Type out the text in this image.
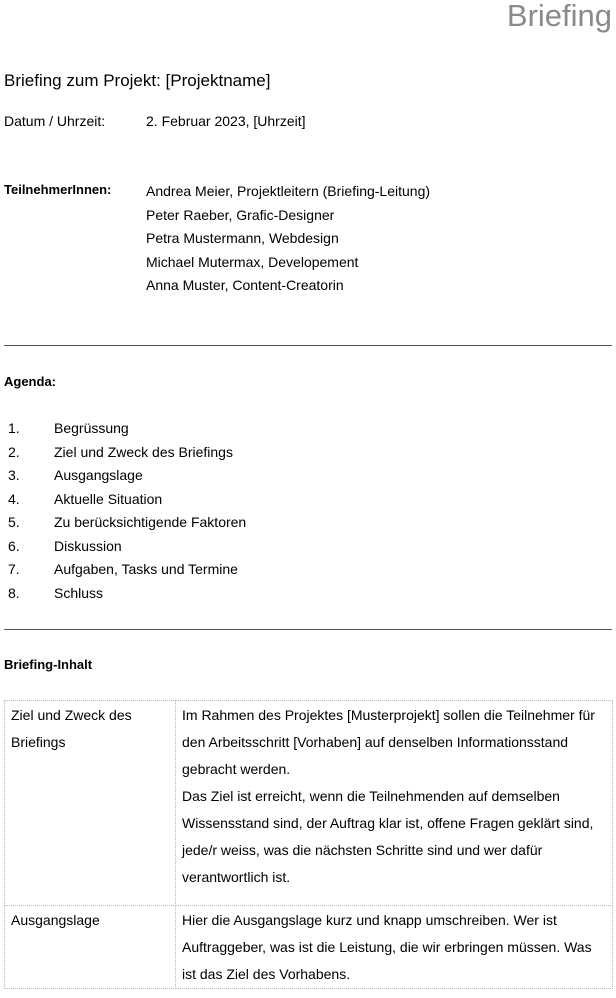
Briefing
Briefing zum Projekt: [Projektname]
Datum / Uhrzeit:	2. Februar 2023, [Uhrzeit]
TeilnehmerInnen: Andrea Meier, Projektleitern (Briefing-Leitung)
Peter Raeber, Grafic-Designer
Petra Mustermann, Webdesign
Michael Mutermax, Developement
Anna Muster, Content-Creatorin
Agenda:
1. Begrüssung
2. Ziel und Zweck des Briefings
3. Ausgangslage
4. Aktuelle Situation
5. Zu berücksichtigende Faktoren
6. Diskussion
7. Aufgaben, Tasks und Termine
8. Schluss
Briefing-Inhalt
Ziel und Zweck des Briefings	Im Rahmen des Projektes [Musterprojekt] sollen die Teilnehmer für den Arbeitsschritt [Vorhaben] auf denselben Informationsstand gebracht werden.
Das Ziel ist erreicht, wenn die Teilnehmenden auf demselben Wissensstand sind, der Auftrag klar ist, offene Fragen geklärt sind, jede/r weiss, was die nächsten Schritte sind und wer dafür verantwortlich ist.

Ausgangslage	Hier die Ausgangslage kurz und knapp umschreiben. Wer ist Auftraggeber, was ist die Leistung, die wir erbringen müssen. Was ist das Ziel des Vorhabens.
